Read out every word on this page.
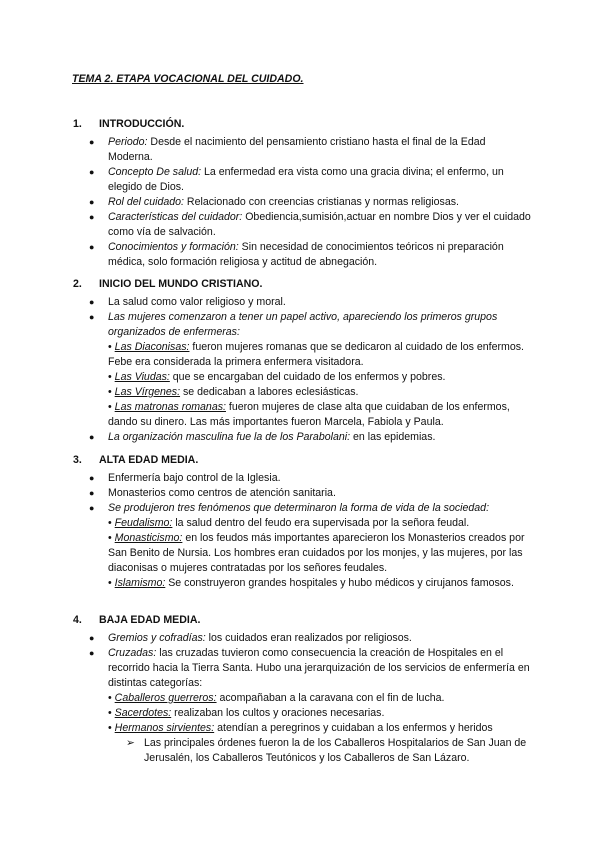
TEMA 2. ETAPA VOCACIONAL DEL CUIDADO.
1.	INTRODUCCIÓN.
●	Periodo: Desde el nacimiento del pensamiento cristiano hasta el final de la Edad Moderna.
●	Concepto De salud: La enfermedad era vista como una gracia divina; el enfermo, un elegido de Dios.
●	Rol del cuidado: Relacionado con creencias cristianas y normas religiosas.
●	Características del cuidador: Obediencia,sumisión,actuar en nombre Dios y ver el cuidado como vía de salvación.
●	Conocimientos y formación: Sin necesidad de conocimientos teóricos ni preparación médica, solo formación religiosa y actitud de abnegación.
2.	INICIO DEL MUNDO CRISTIANO.
●	La salud como valor religioso y moral.
●	Las mujeres comenzaron a tener un papel activo, apareciendo los primeros grupos organizados de enfermeras:
• Las Diaconisas: fueron mujeres romanas que se dedicaron al cuidado de los enfermos. Febe era considerada la primera enfermera visitadora.
• Las Viudas: que se encargaban del cuidado de los enfermos y pobres.
• Las Vírgenes: se dedicaban a labores eclesiásticas.
• Las matronas romanas: fueron mujeres de clase alta que cuidaban de los enfermos, dando su dinero. Las más importantes fueron Marcela, Fabiola y Paula.
●	La organización masculina fue la de los Parabolani: en las epidemias.
3.	ALTA EDAD MEDIA.
●	Enfermería bajo control de la Iglesia.
●	Monasterios como centros de atención sanitaria.
●	Se produjeron tres fenómenos que determinaron la forma de vida de la sociedad:
• Feudalismo: la salud dentro del feudo era supervisada por la señora feudal.
• Monasticismo: en los feudos más importantes aparecieron los Monasterios creados por San Benito de Nursia. Los hombres eran cuidados por los monjes, y las mujeres, por las diaconisas o mujeres contratadas por los señores feudales.
• Islamismo: Se construyeron grandes hospitales y hubo médicos y cirujanos famosos.
4.	BAJA EDAD MEDIA.
●	Gremios y cofradías: los cuidados eran realizados por religiosos.
●	Cruzadas: las cruzadas tuvieron como consecuencia la creación de Hospitales en el recorrido hacia la Tierra Santa. Hubo una jerarquización de los servicios de enfermería en distintas categorías:
• Caballeros guerreros: acompañaban a la caravana con el fin de lucha.
• Sacerdotes: realizaban los cultos y oraciones necesarias.
• Hermanos sirvientes: atendían a peregrinos y cuidaban a los enfermos y heridos
➢ Las principales órdenes fueron la de los Caballeros Hospitalarios de San Juan de Jerusalén, los Caballeros Teutónicos y los Caballeros de San Lázaro.
